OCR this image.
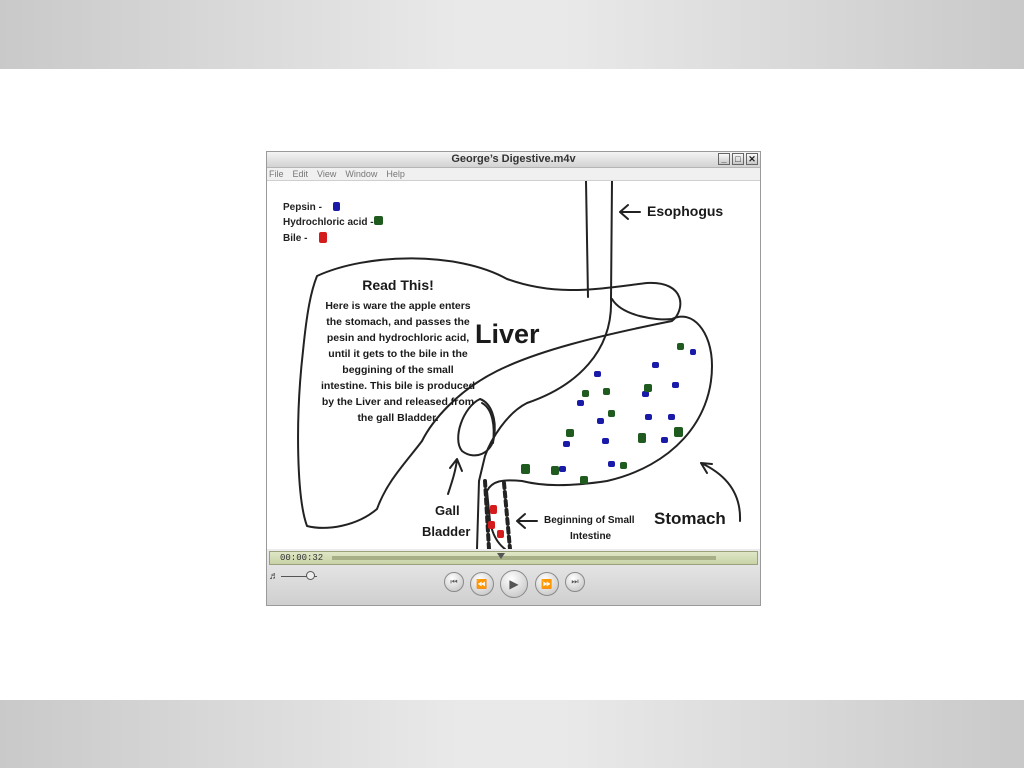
George’s Digestive.m4v	_ □ ✕
File Edit View Window Help
Pepsin -
Hydrochloric acid -
Bile -
Esophogus
Liver
Stomach
Gall
Bladder
Beginning of Small
Intestine
Read This!
Here is ware the apple enters
the stomach, and passes the
pesin and hydrochloric acid,
until it gets to the bile in the
beggining of the small
intestine. This bile is produced
by the Liver and released from
the gall Bladder.
00:00:32
♬	⏮ ⏪ ▶	⏩ ⏭
